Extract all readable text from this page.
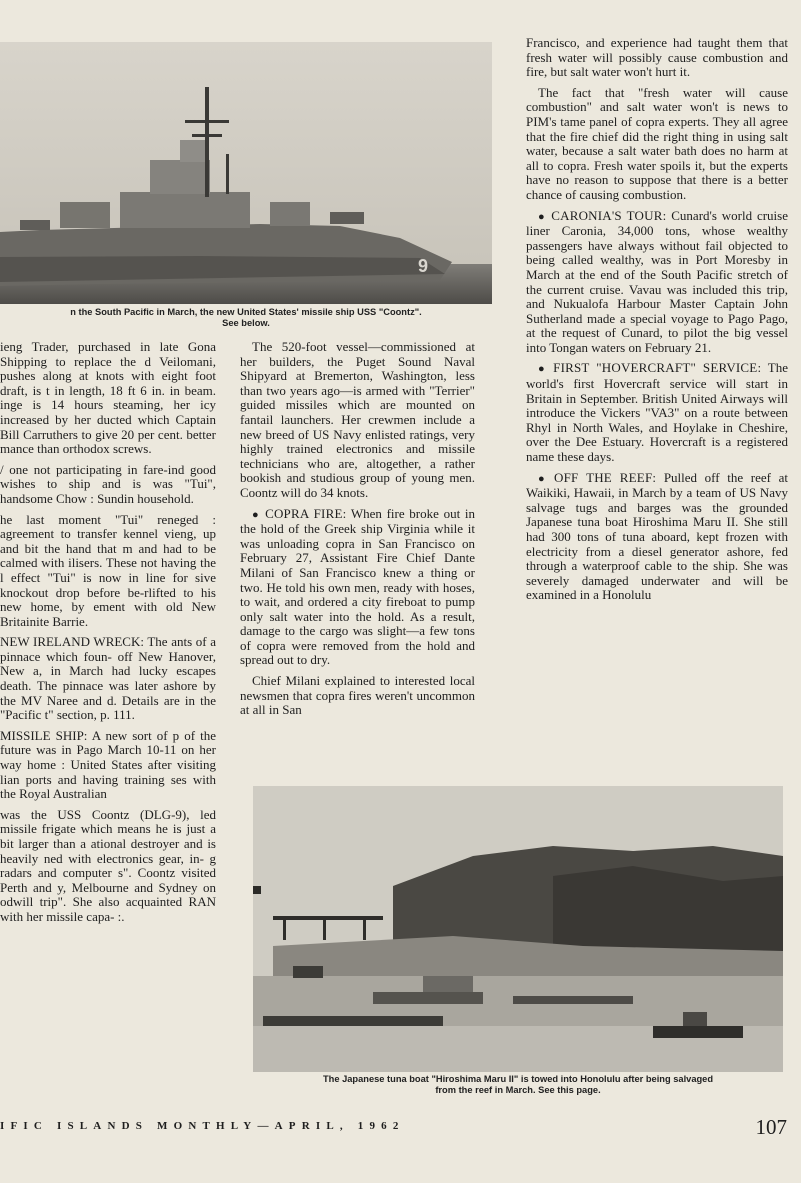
9
n the South Pacific in March, the new United States' missile ship USS "Coontz".
See below.

ieng Trader, purchased in late Gona Shipping to replace the d Veilomani, pushes along at knots with eight foot draft, is t in length, 18 ft 6 in. in beam. inge is 14 hours steaming, her icy increased by her ducted which Captain Bill Carruthers to give 20 per cent. better mance than orthodox screws.

/ one not participating in fare-ind good wishes to ship and is was "Tui", handsome Chow : Sundin household.

he last moment "Tui" reneged : agreement to transfer kennel vieng, up and bit the hand that m and had to be calmed with ilisers. These not having the l effect "Tui" is now in line for sive knockout drop before be-rlifted to his new home, by ement with old New Britainite Barrie.

NEW IRELAND WRECK: The ants of a pinnace which foun- off New Hanover, New a, in March had lucky escapes death. The pinnace was later ashore by the MV Naree and d. Details are in the "Pacific t" section, p. 111.

MISSILE SHIP: A new sort of p of the future was in Pago March 10-11 on her way home : United States after visiting lian ports and having training ses with the Royal Australian

was the USS Coontz (DLG-9), led missile frigate which means he is just a bit larger than a ational destroyer and is heavily ned with electronics gear, in- g radars and computer s". Coontz visited Perth and y, Melbourne and Sydney on odwill trip". She also acquainted RAN with her missile capa- :.

The 520-foot vessel—commissioned at her builders, the Puget Sound Naval Shipyard at Bremerton, Washington, less than two years ago—is armed with "Terrier" guided missiles which are mounted on fantail launchers. Her crewmen include a new breed of US Navy enlisted ratings, very highly trained electronics and missile technicians who are, altogether, a rather bookish and studious group of young men. Coontz will do 34 knots.

● COPRA FIRE: When fire broke out in the hold of the Greek ship Virginia while it was unloading copra in San Francisco on February 27, Assistant Fire Chief Dante Milani of San Francisco knew a thing or two. He told his own men, ready with hoses, to wait, and ordered a city fireboat to pump only salt water into the hold. As a result, damage to the cargo was slight—a few tons of copra were removed from the hold and spread out to dry.

Chief Milani explained to interested local newsmen that copra fires weren't uncommon at all in San

Francisco, and experience had taught them that fresh water will possibly cause combustion and fire, but salt water won't hurt it.

The fact that "fresh water will cause combustion" and salt water won't is news to PIM's tame panel of copra experts. They all agree that the fire chief did the right thing in using salt water, because a salt water bath does no harm at all to copra. Fresh water spoils it, but the experts have no reason to suppose that there is a better chance of causing combustion.

● CARONIA'S TOUR: Cunard's world cruise liner Caronia, 34,000 tons, whose wealthy passengers have always without fail objected to being called wealthy, was in Port Moresby in March at the end of the South Pacific stretch of the current cruise. Vavau was included this trip, and Nukualofa Harbour Master Captain John Sutherland made a special voyage to Pago Pago, at the request of Cunard, to pilot the big vessel into Tongan waters on February 21.

● FIRST "HOVERCRAFT" SERVICE: The world's first Hovercraft service will start in Britain in September. British United Airways will introduce the Vickers "VA3" on a route between Rhyl in North Wales, and Hoylake in Cheshire, over the Dee Estuary. Hovercraft is a registered name these days.

● OFF THE REEF: Pulled off the reef at Waikiki, Hawaii, in March by a team of US Navy salvage tugs and barges was the grounded Japanese tuna boat Hiroshima Maru II. She still had 300 tons of tuna aboard, kept frozen with electricity from a diesel generator ashore, fed through a waterproof cable to the ship. She was severely damaged underwater and will be examined in a Honolulu

The Japanese tuna boat "Hiroshima Maru II" is towed into Honolulu after being salvaged
from the reef in March. See this page.
IFIC ISLANDS MONTHLY—APRIL, 1962	107
